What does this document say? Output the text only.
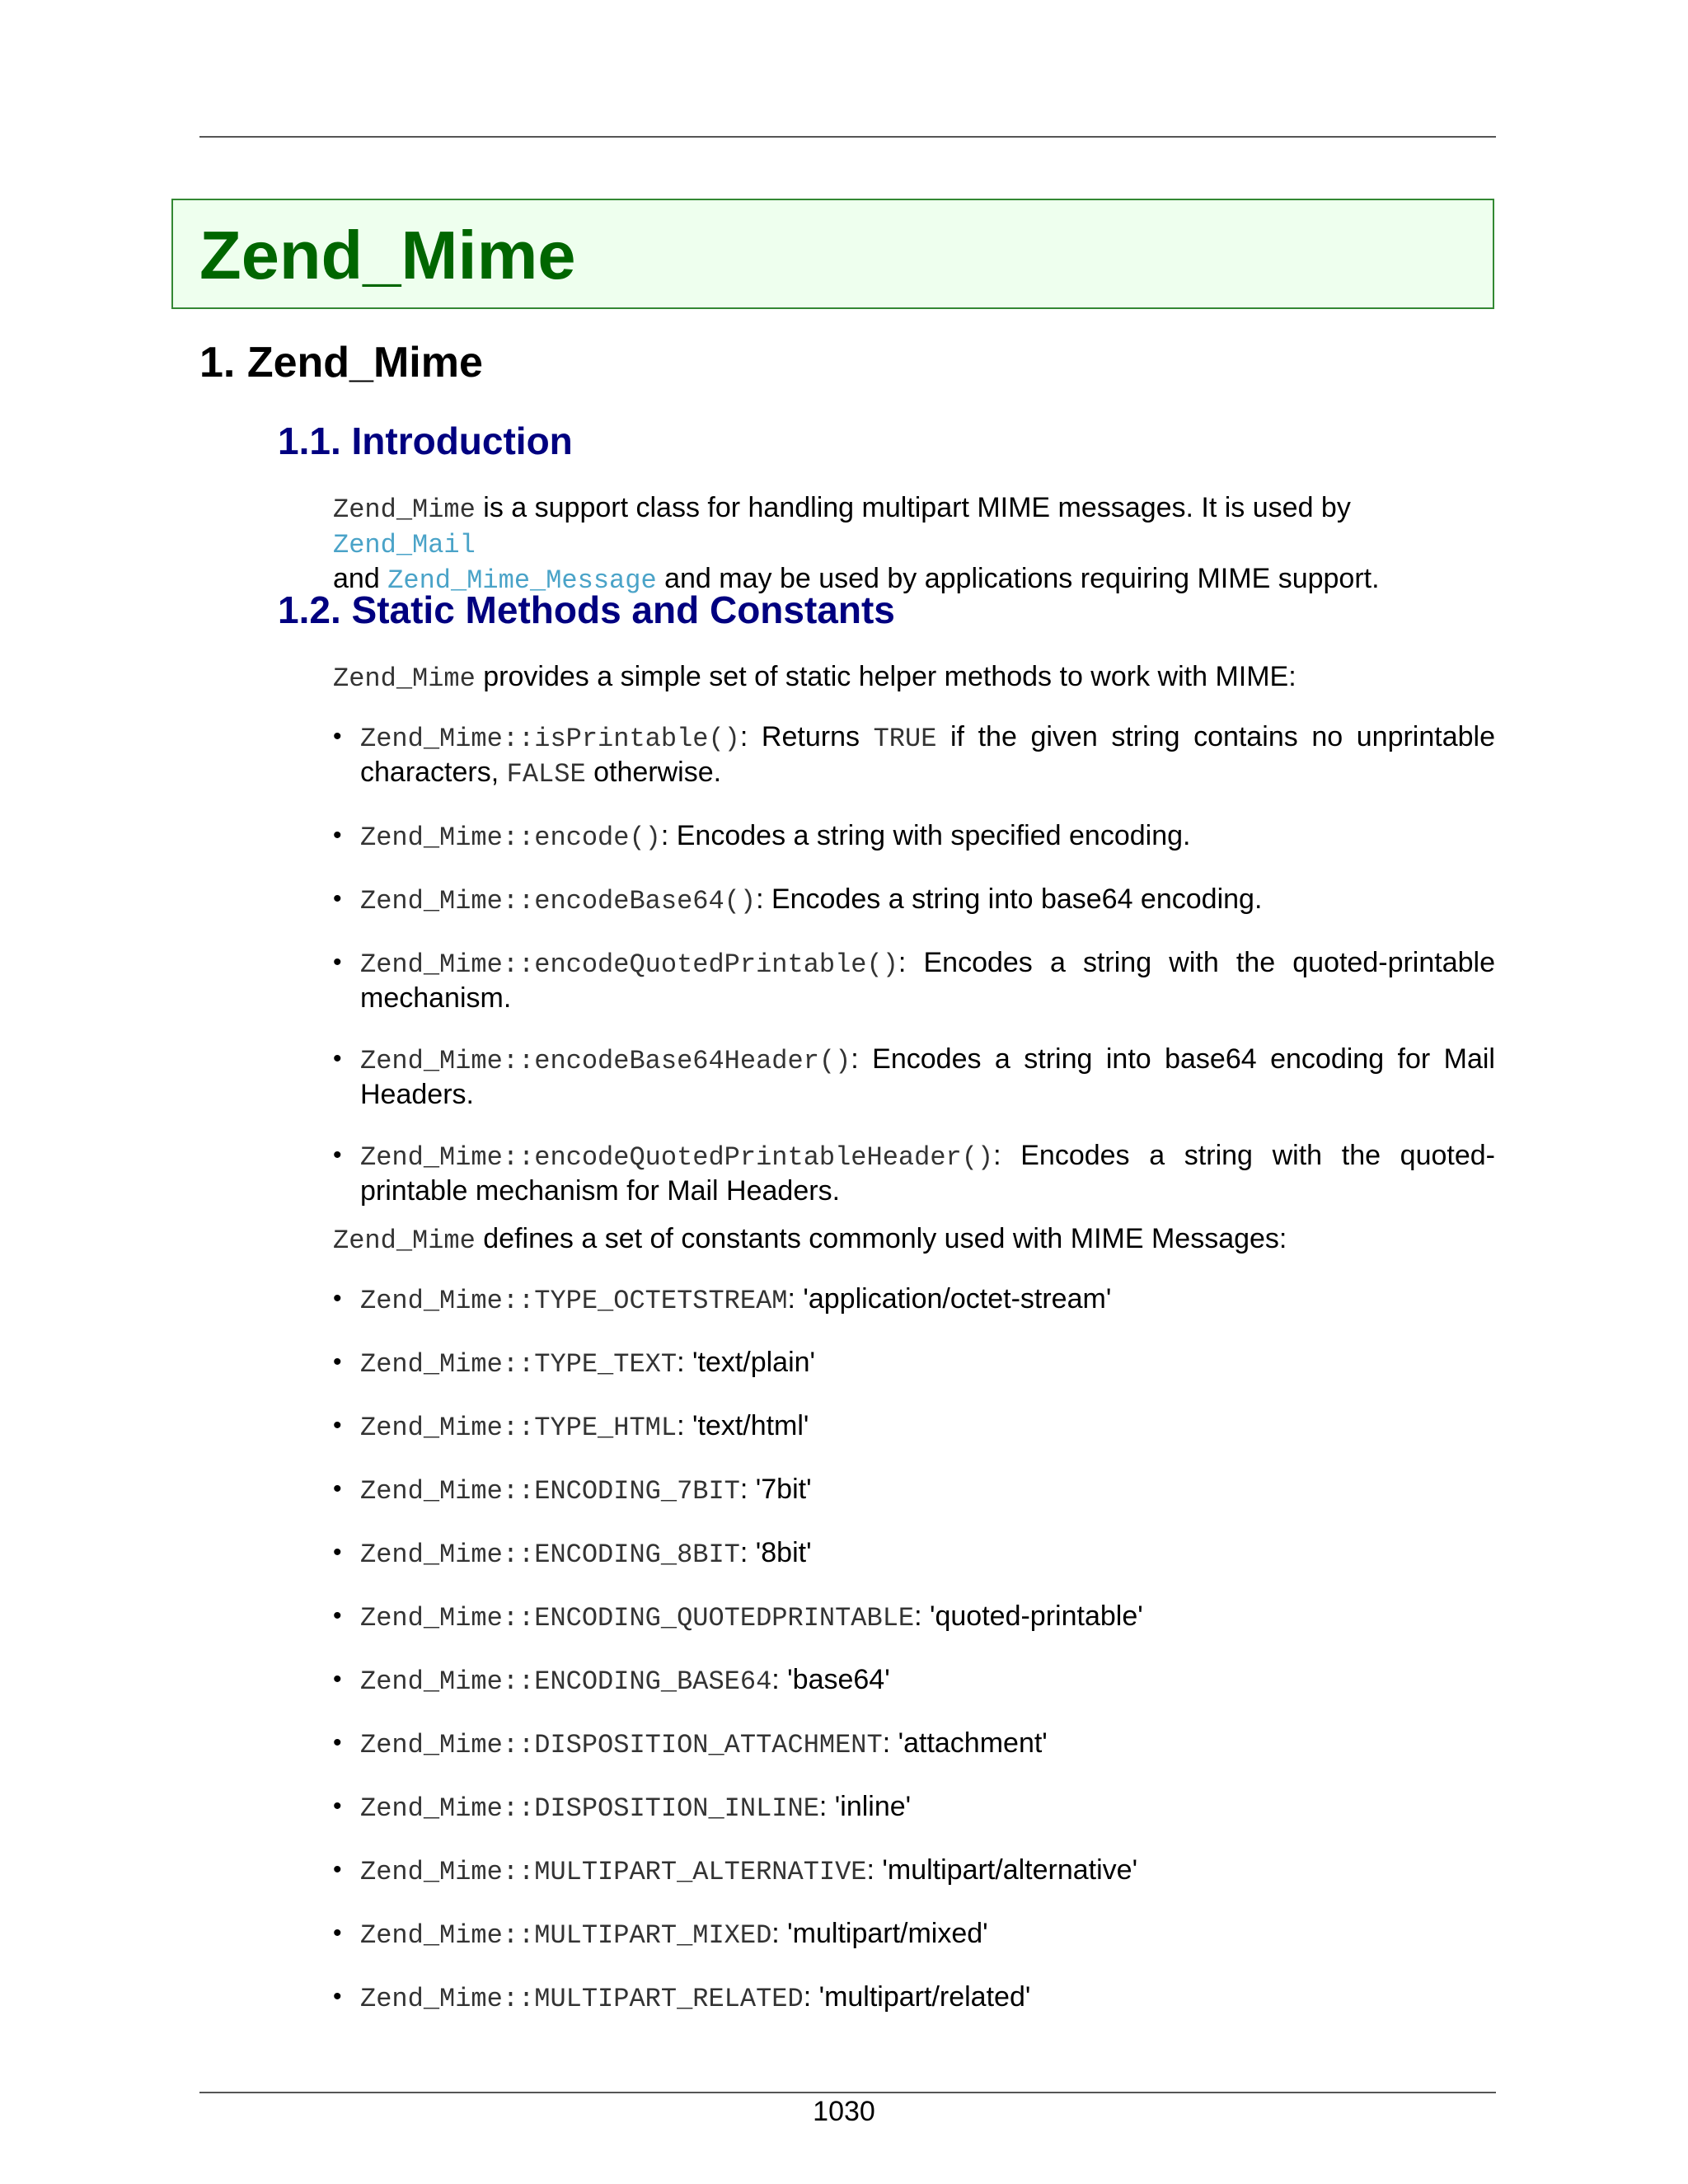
Zend_Mime
1. Zend_Mime
1.1. Introduction

Zend_Mime is a support class for handling multipart MIME messages. It is used by Zend_Mail
and Zend_Mime_Message and may be used by applications requiring MIME support.

1.2. Static Methods and Constants

Zend_Mime provides a simple set of static helper methods to work with MIME:

• Zend_Mime::isPrintable(): Returns TRUE if the given string contains no unprintable characters, FALSE otherwise.
• Zend_Mime::encode(): Encodes a string with specified encoding.
• Zend_Mime::encodeBase64(): Encodes a string into base64 encoding.
• Zend_Mime::encodeQuotedPrintable(): Encodes a string with the quoted-printable mechanism.
• Zend_Mime::encodeBase64Header(): Encodes a string into base64 encoding for Mail Headers.
• Zend_Mime::encodeQuotedPrintableHeader(): Encodes a string with the quoted-printable mechanism for Mail Headers.

Zend_Mime defines a set of constants commonly used with MIME Messages:

• Zend_Mime::TYPE_OCTETSTREAM: 'application/octet-stream'
• Zend_Mime::TYPE_TEXT: 'text/plain'
• Zend_Mime::TYPE_HTML: 'text/html'
• Zend_Mime::ENCODING_7BIT: '7bit'
• Zend_Mime::ENCODING_8BIT: '8bit'
• Zend_Mime::ENCODING_QUOTEDPRINTABLE: 'quoted-printable'
• Zend_Mime::ENCODING_BASE64: 'base64'
• Zend_Mime::DISPOSITION_ATTACHMENT: 'attachment'
• Zend_Mime::DISPOSITION_INLINE: 'inline'
• Zend_Mime::MULTIPART_ALTERNATIVE: 'multipart/alternative'
• Zend_Mime::MULTIPART_MIXED: 'multipart/mixed'
• Zend_Mime::MULTIPART_RELATED: 'multipart/related'

1030
